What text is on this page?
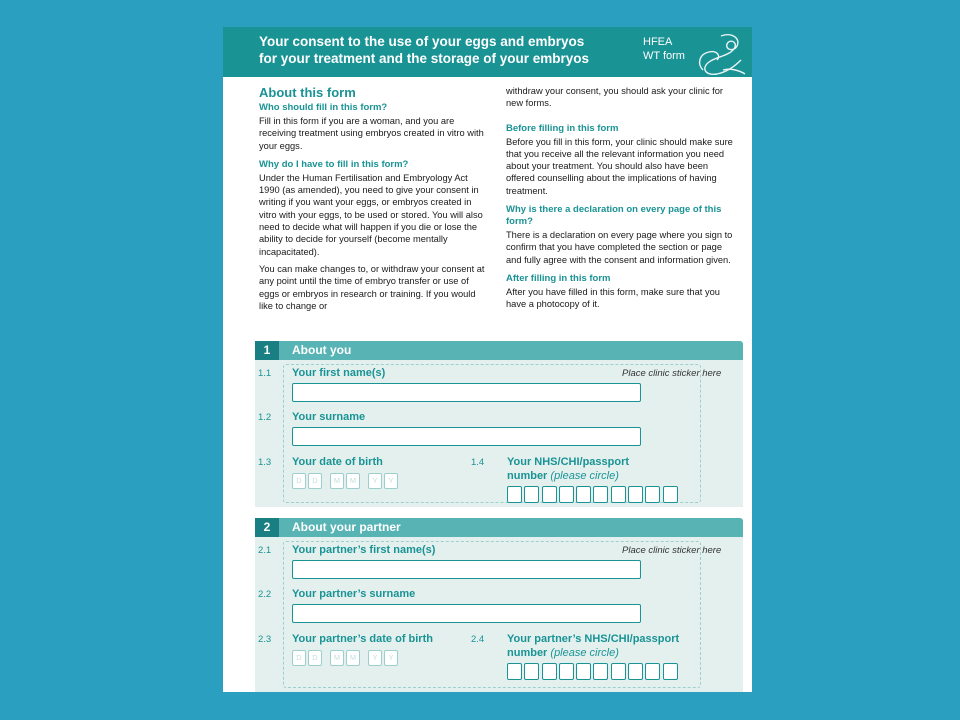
Your consent to the use of your eggs and embryos
for your treatment and the storage of your embryos
HFEA
WT form
About this form
Who should fill in this form?

Fill in this form if you are a woman, and you are receiving treatment using embryos created in vitro with your eggs.

Why do I have to fill in this form?

Under the Human Fertilisation and Embryology Act 1990 (as amended), you need to give your consent in writing if you want your eggs, or embryos created in vitro with your eggs, to be used or stored. You will also need to decide what will happen if you die or lose the ability to decide for yourself (become mentally incapacitated).

You can make changes to, or withdraw your consent at any point until the time of embryo transfer or use of eggs or embryos in research or training. If you would like to change or

withdraw your consent, you should ask your clinic for new forms.

Before filling in this form

Before you fill in this form, your clinic should make sure that you receive all the relevant information you need about your treatment. You should also have been offered counselling about the implications of having treatment.

Why is there a declaration on every page of this form?

There is a declaration on every page where you sign to confirm that you have completed the section or page and fully agree with the consent and information given.

After filling in this form

After you have filled in this form, make sure that you have a photocopy of it.

1	About you
1.1 Your first name(s)	Place clinic sticker here
1.2 Your surname
1.3 Your date of birth
D	D	M	M	Y	Y
1.4 Your NHS/CHI/passport
number (please circle)
2	About your partner
2.1 Your partner’s first name(s)	Place clinic sticker here
2.2 Your partner’s surname
2.3 Your partner’s date of birth
D	D	M	M	Y	Y
2.4 Your partner’s NHS/CHI/passport
number (please circle)
